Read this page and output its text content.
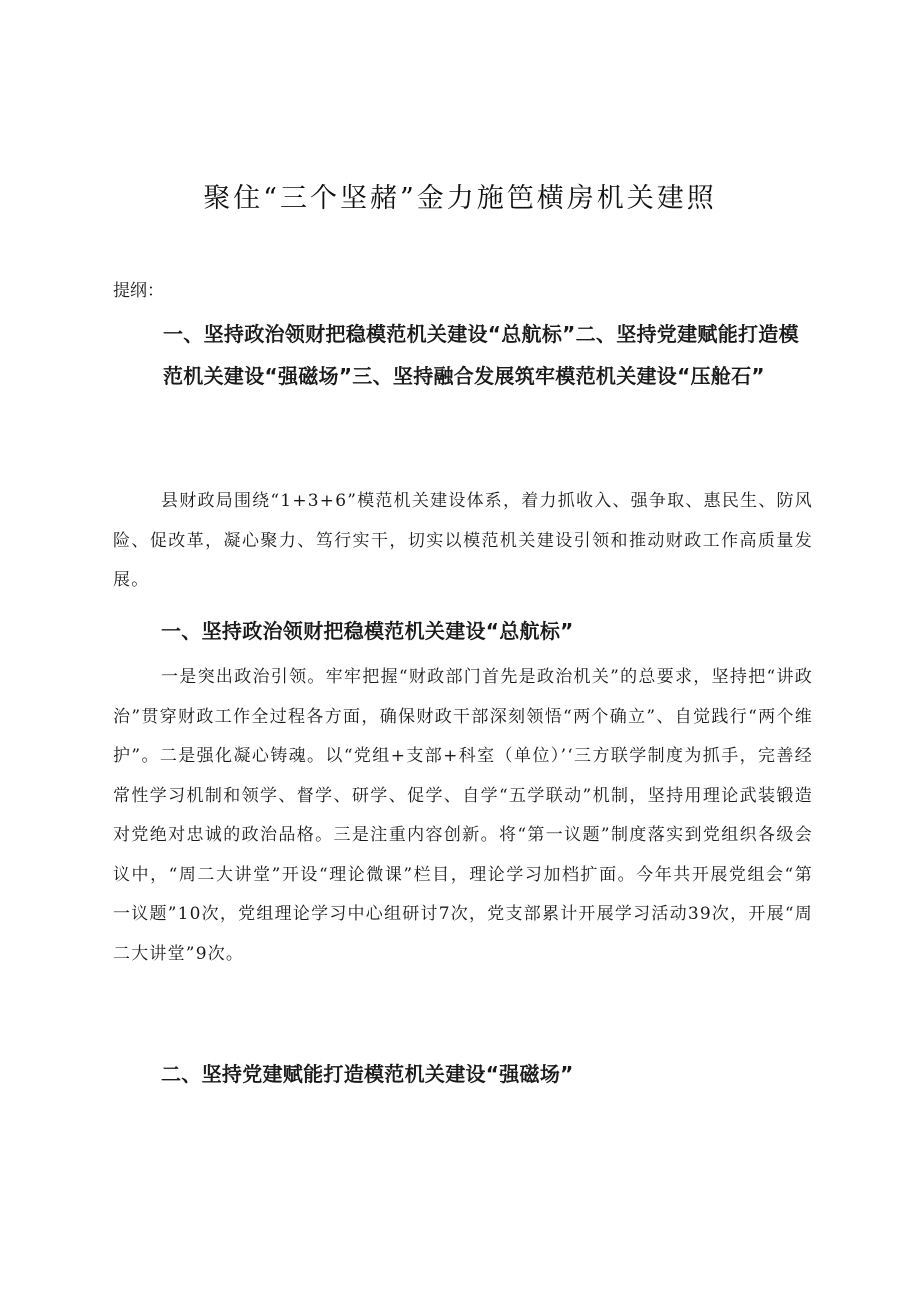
聚住“三个坚赭”金力施笆横房机关建照
提纲：
一、坚持政治领财把稳模范机关建设“总航标”二、坚持党建赋能打造模范机关建设“强磁场”三、坚持融合发展筑牢模范机关建设“压舱石”
县财政局围绕“1+3+6”模范机关建设体系，着力抓收入、强争取、惠民生、防风险、促改革，凝心聚力、笃行实干，切实以模范机关建设引领和推动财政工作高质量发展。
一、坚持政治领财把稳模范机关建设“总航标”
一是突出政治引领。牢牢把握“财政部门首先是政治机关”的总要求，坚持把“讲政治”贯穿财政工作全过程各方面，确保财政干部深刻领悟“两个确立”、自觉践行“两个维护”。二是强化凝心铸魂。以“党组+支部+科室（单位）’‘三方联学制度为抓手，完善经常性学习机制和领学、督学、研学、促学、自学“五学联动”机制，坚持用理论武装锻造对党绝对忠诚的政治品格。三是注重内容创新。将“第一议题”制度落实到党组织各级会议中，“周二大讲堂”开设“理论微课”栏目，理论学习加档扩面。今年共开展党组会“第一议题”10次，党组理论学习中心组研讨7次，党支部累计开展学习活动39次，开展“周二大讲堂”9次。
二、坚持党建赋能打造模范机关建设“强磁场”
